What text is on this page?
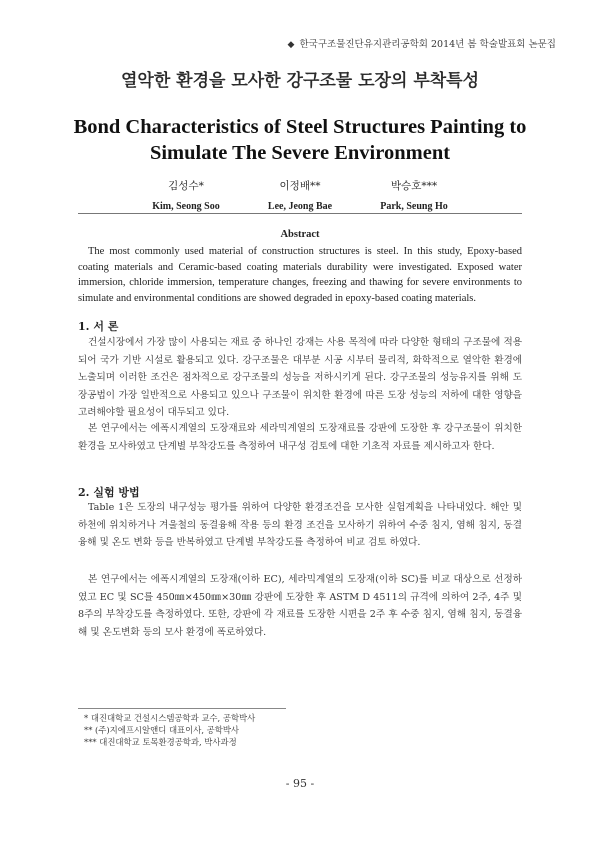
◆ 한국구조물진단유지관리공학회 2014년 봄 학술발표회 논문집
열악한 환경을 모사한 강구조물 도장의 부착특성
Bond Characteristics of Steel Structures Painting to Simulate The Severe Environment
김성수*
Kim, Seong Soo
이정배**
Lee, Jeong Bae
박승호***
Park, Seung Ho
Abstract

The most commonly used material of construction structures is steel. In this study, Epoxy-based coating materials and Ceramic-based coating materials durability were investigated. Exposed water immersion, chloride immersion, temperature changes, freezing and thawing for severe environments to simulate and environmental conditions are showed degraded in epoxy-based coating materials.

1. 서 론

건설시장에서 가장 많이 사용되는 재료 중 하나인 강재는 사용 목적에 따라 다양한 형태의 구조물에 적용되어 국가 기반 시설로 활용되고 있다. 강구조물은 대부분 시공 시부터 물리적, 화학적으로 열악한 환경에 노출되며 이러한 조건은 점차적으로 강구조물의 성능을 저하시키게 된다. 강구조물의 성능유지를 위해 도장공법이 가장 일반적으로 사용되고 있으나 구조물이 위치한 환경에 따른 도장 성능의 저하에 대한 영향을 고려해야할 필요성이 대두되고 있다.

본 연구에서는 에폭시계열의 도장재료와 세라믹계열의 도장재료를 강판에 도장한 후 강구조물이 위치한 환경을 모사하였고 단계별 부착강도를 측정하여 내구성 검토에 대한 기초적 자료를 제시하고자 한다.

2. 실험 방법

Table 1은 도장의 내구성능 평가를 위하여 다양한 환경조건을 모사한 실험계획을 나타내었다. 해안 및 하천에 위치하거나 겨울철의 동결융해 작용 등의 환경 조건을 모사하기 위하여 수중 침지, 염해 침지, 동결 융해 및 온도 변화 등을 반복하였고 단계별 부착강도를 측정하여 비교 검토 하였다.

본 연구에서는 에폭시계열의 도장재(이하 EC), 세라믹계열의 도장재(이하 SC)를 비교 대상으로 선정하였고 EC 및 SC를 450㎜×450㎜×30㎜ 강판에 도장한 후 ASTM D 4511의 규격에 의하여 2주, 4주 및 8주의 부착강도를 측정하였다. 또한, 강판에 각 재료를 도장한 시편을 2주 후 수중 침지, 염해 침지, 동결융해 및 온도변화 등의 모사 환경에 폭로하였다.

* 대진대학교 건설시스템공학과 교수, 공학박사
** (주)지에프시알앤디 대표이사, 공학박사
*** 대진대학교 토목환경공학과, 박사과정
- 95 -
